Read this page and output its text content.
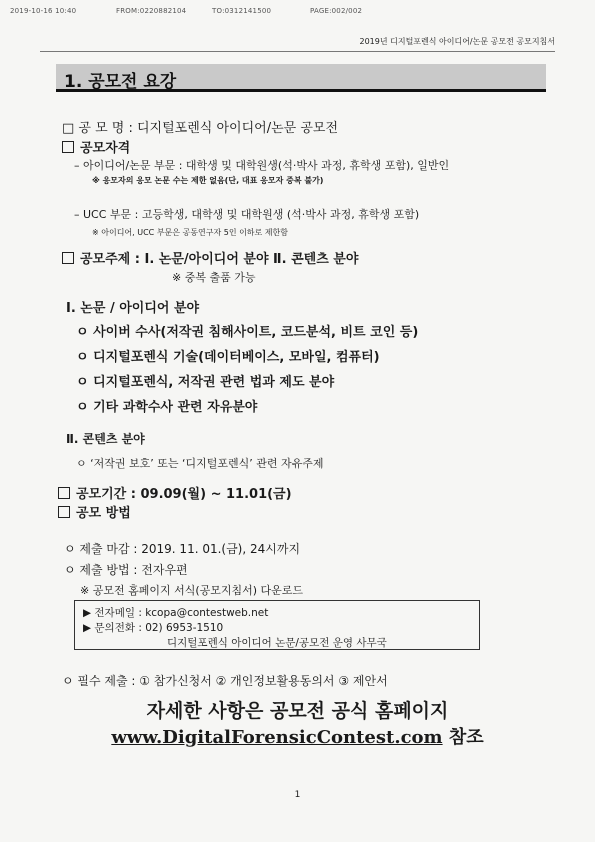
2019-10-16 10:40	FROM:0220882104	TO:0312141500	PAGE:002/002
2019년 디지털포렌식 아이디어/논문 공모전 공모지침서
1. 공모전 요강
□ 공 모 명 : 디지털포렌식 아이디어/논문 공모전
공모자격
– 아이디어/논문 부문 : 대학생 및 대학원생(석·박사 과정, 휴학생 포함), 일반인
※ 응모자의 응모 논문 수는 제한 없음(단, 대표 응모자 중복 불가)
– UCC 부문 : 고등학생, 대학생 및 대학원생 (석·박사 과정, 휴학생 포함)
※ 아이디어, UCC 부문은 공동연구자 5인 이하로 제한함
공모주제 : Ⅰ. 논문/아이디어 분야 Ⅱ. 콘텐츠 분야
※ 중복 출품 가능
Ⅰ. 논문 / 아이디어 분야
ㅇ 사이버 수사(저작권 침해사이트, 코드분석, 비트 코인 등)
ㅇ 디지털포렌식 기술(데이터베이스, 모바일, 컴퓨터)
ㅇ 디지털포렌식, 저작권 관련 법과 제도 분야
ㅇ 기타 과학수사 관련 자유분야
Ⅱ. 콘텐츠 분야
ㅇ ‘저작권 보호’ 또는 ‘디지털포렌식’ 관련 자유주제
공모기간 : 09.09(월) ~ 11.01(금)
공모 방법
ㅇ 제출 마감 : 2019. 11. 01.(금), 24시까지
ㅇ 제출 방법 : 전자우편
※ 공모전 홈페이지 서식(공모지침서) 다운로드
▶ 전자메일 : kcopa@contestweb.net
▶ 문의전화 : 02) 6953-1510
디지털포렌식 아이디어 논문/공모전 운영 사무국
ㅇ 필수 제출 : ① 참가신청서 ② 개인정보활용동의서 ③ 제안서
자세한 사항은 공모전 공식 홈페이지
www.DigitalForensicContest.com 참조
1
